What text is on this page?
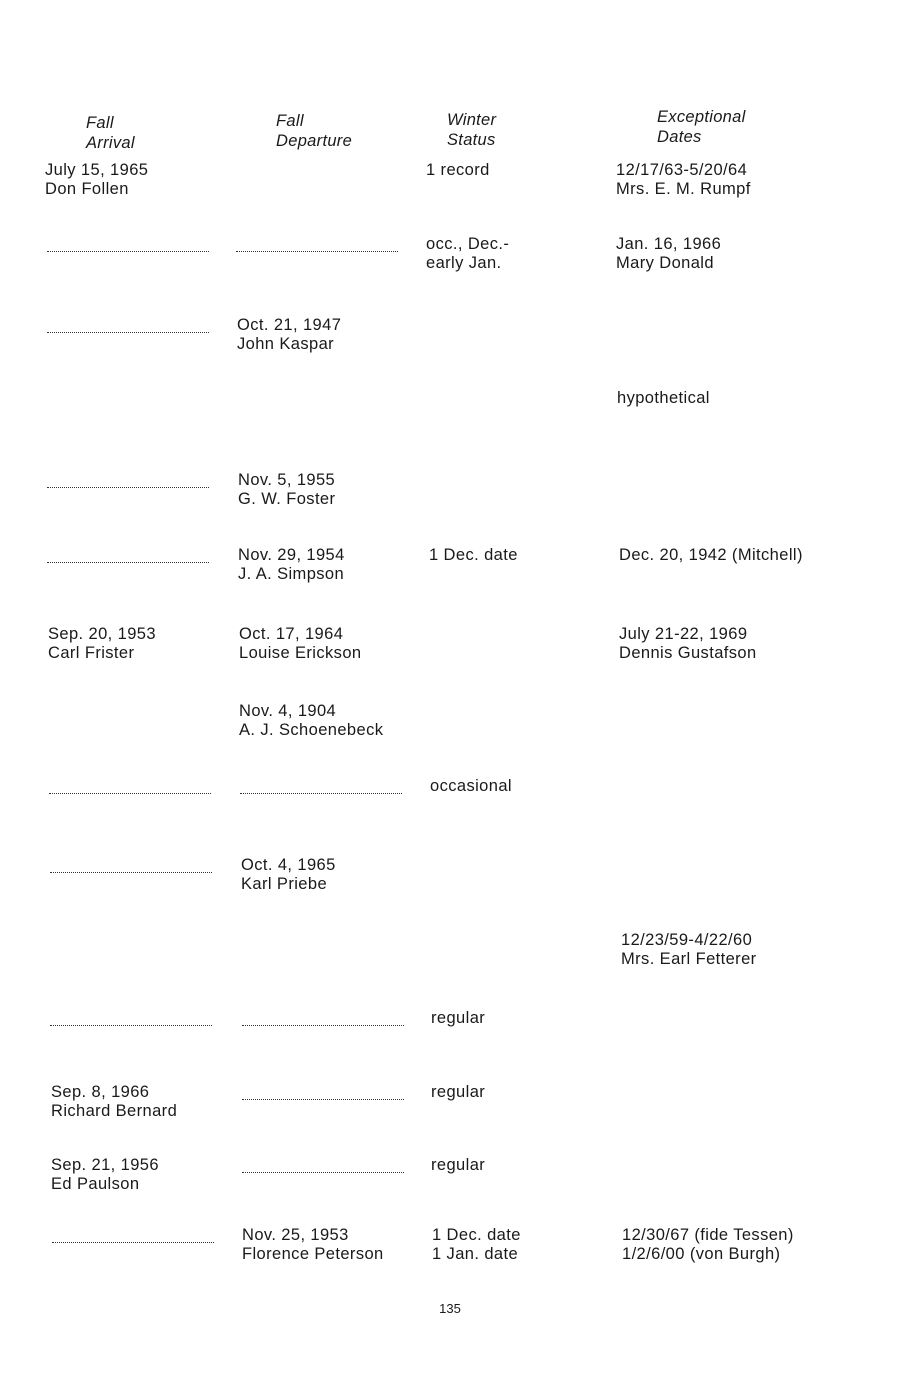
Fall
Arrival
Fall
Departure
Winter
Status
Exceptional
Dates
July 15, 1965
Don Follen
1 record	12/17/63-5/20/64
Mrs. E. M. Rumpf
occ., Dec.-
early Jan.
Jan. 16, 1966
Mary Donald
Oct. 21, 1947
John Kaspar
hypothetical
Nov. 5, 1955
G. W. Foster
Nov. 29, 1954
J. A. Simpson
1 Dec. date	Dec. 20, 1942 (Mitchell)
Sep. 20, 1953
Carl Frister
Oct. 17, 1964
Louise Erickson
July 21-22, 1969
Dennis Gustafson
Nov. 4, 1904
A. J. Schoenebeck
occasional
Oct. 4, 1965
Karl Priebe
12/23/59-4/22/60
Mrs. Earl Fetterer
regular
Sep. 8, 1966
Richard Bernard
regular
Sep. 21, 1956
Ed Paulson
regular
Nov. 25, 1953
Florence Peterson
1 Dec. date
1 Jan. date
12/30/67 (fide Tessen)
1/2/6/00 (von Burgh)
135
